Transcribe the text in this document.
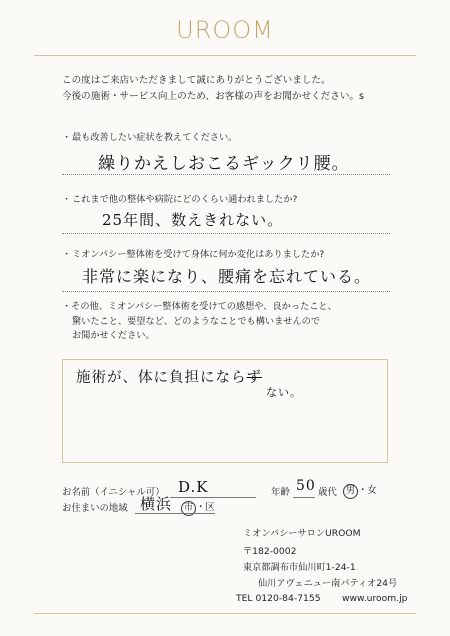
UROOM
この度はご来店いただきまして誠にありがとうございました。
今後の施術・サービス向上のため、お客様の声をお聞かせください。s
・最も改善したい症状を教えてください。
繰りかえしおこるギックリ腰。
・これまで他の整体や病院にどのくらい通われましたか?
25年間、数えきれない。
・ミオンパシー整体術を受けて身体に何か変化はありましたか?
非常に楽になり、腰痛を忘れている。
・その他、ミオンパシー整体術を受けての感想や、良かったこと、
驚いたこと、要望など、どのようなことでも構いませんので
お聞かせください。
施術が、体に負担にならず
ない。
お名前（イニシャル可） D.K	年齢 50 歳代	男 ・女
お住まいの地域 横浜	市 ・区
ミオンパシーサロンUROOM
〒182-0002
東京都調布市仙川町1-24-1
仙川アヴェニュー南パティオ24号
TEL 0120-84-7155 www.uroom.jp
